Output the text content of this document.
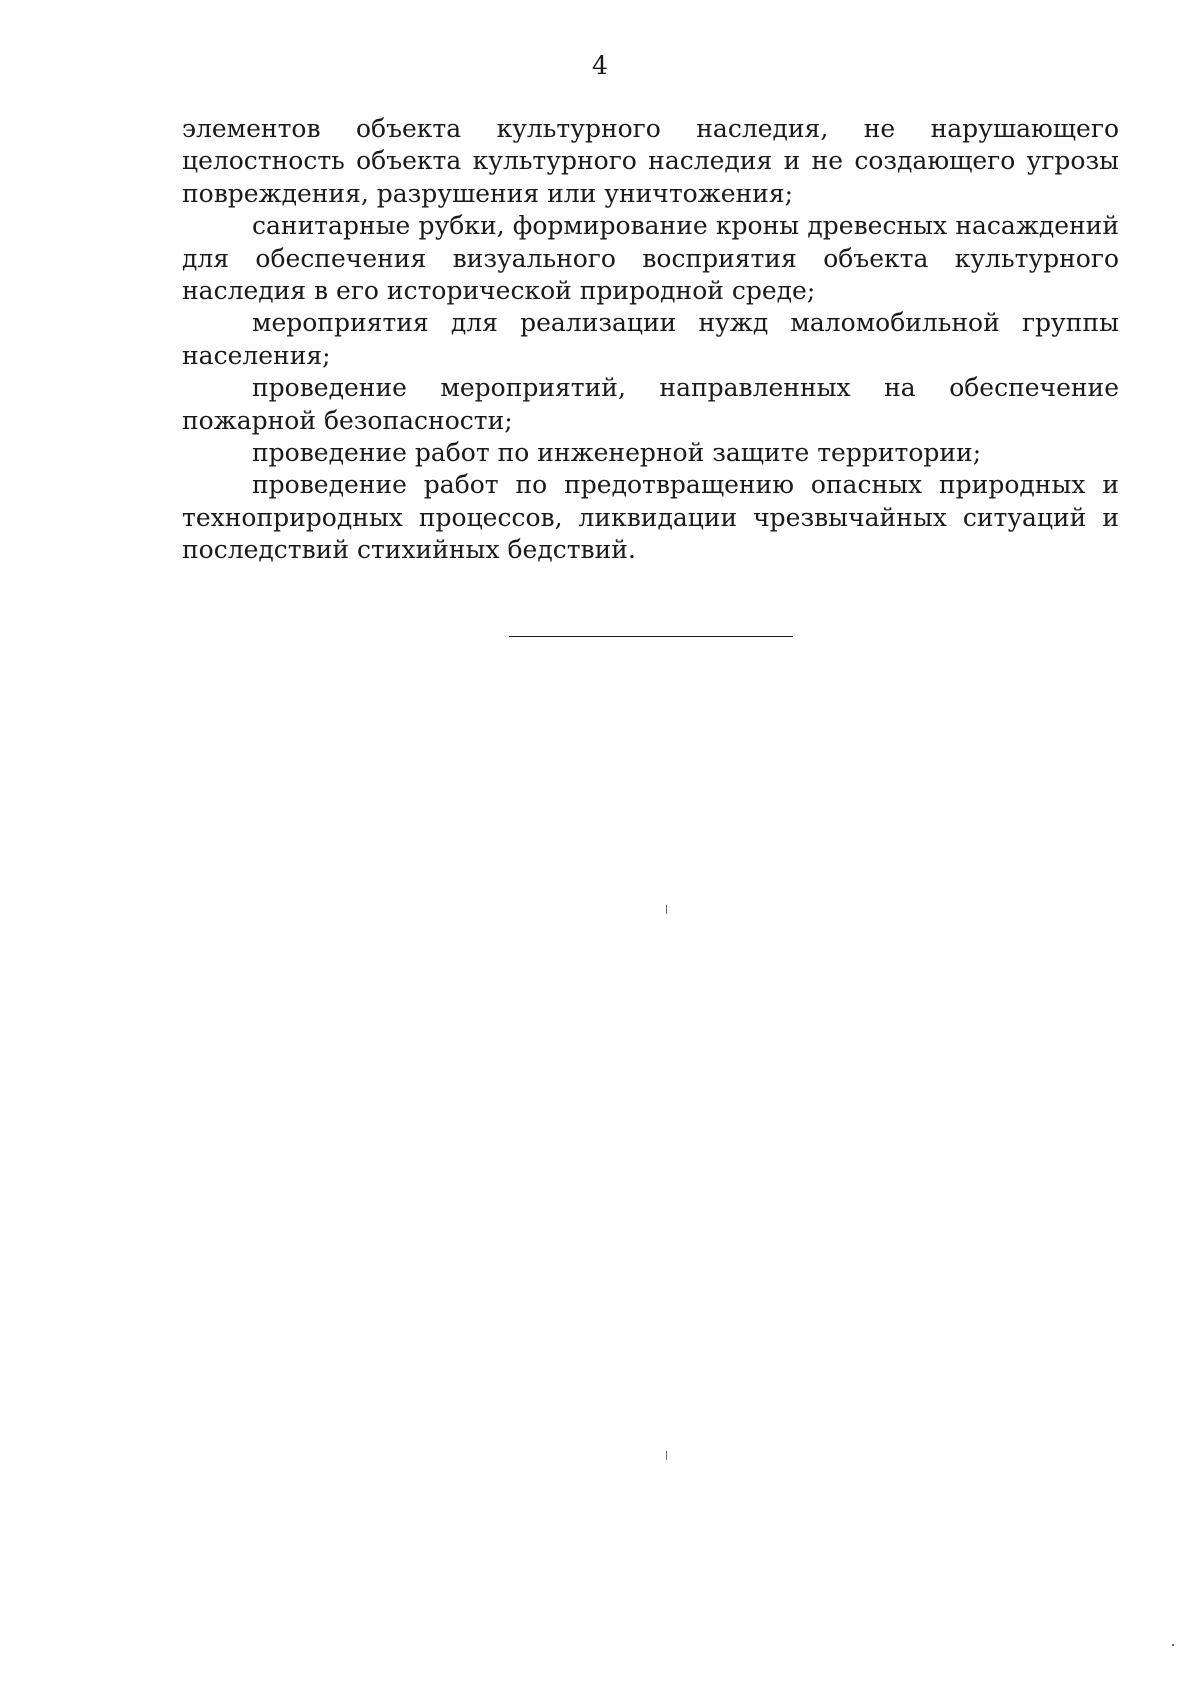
4

элементов объекта культурного наследия, не нарушающего целостность объекта культурного наследия и не создающего угрозы повреждения, разрушения или уничтожения;

санитарные рубки, формирование кроны древесных насаждений для обеспечения визуального восприятия объекта культурного наследия в его исторической природной среде;

мероприятия для реализации нужд маломобильной группы населения;

проведение мероприятий, направленных на обеспечение пожарной безопасности;

проведение работ по инженерной защите территории;

проведение работ по предотвращению опасных природных и техноприродных процессов, ликвидации чрезвычайных ситуаций и последствий стихийных бедствий.
